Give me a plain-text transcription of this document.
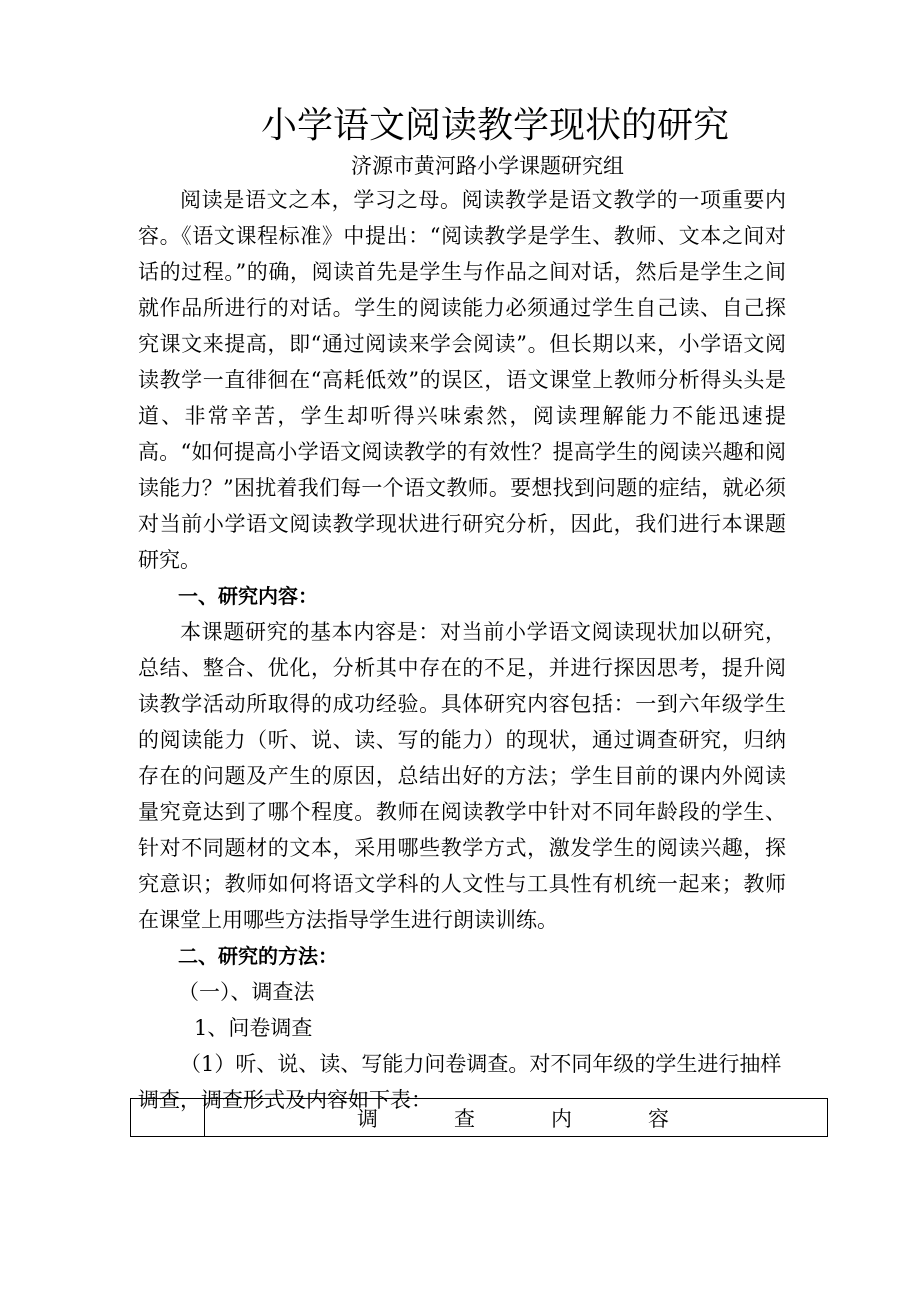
小学语文阅读教学现状的研究
济源市黄河路小学课题研究组

阅读是语文之本，学习之母。阅读教学是语文教学的一项重要内容。《语文课程标准》中提出：“阅读教学是学生、教师、文本之间对话的过程。”的确，阅读首先是学生与作品之间对话，然后是学生之间就作品所进行的对话。学生的阅读能力必须通过学生自己读、自己探究课文来提高，即“通过阅读来学会阅读”。但长期以来，小学语文阅读教学一直徘徊在“高耗低效”的误区，语文课堂上教师分析得头头是道、非常辛苦，学生却听得兴味索然，阅读理解能力不能迅速提高。“如何提高小学语文阅读教学的有效性？提高学生的阅读兴趣和阅读能力？”困扰着我们每一个语文教师。要想找到问题的症结，就必须对当前小学语文阅读教学现状进行研究分析，因此，我们进行本课题研究。

一、研究内容：

本课题研究的基本内容是：对当前小学语文阅读现状加以研究，总结、整合、优化，分析其中存在的不足，并进行探因思考，提升阅读教学活动所取得的成功经验。具体研究内容包括：一到六年级学生的阅读能力（听、说、读、写的能力）的现状，通过调查研究，归纳存在的问题及产生的原因，总结出好的方法；学生目前的课内外阅读量究竟达到了哪个程度。教师在阅读教学中针对不同年龄段的学生、针对不同题材的文本，采用哪些教学方式，激发学生的阅读兴趣，探究意识；教师如何将语文学科的人文性与工具性有机统一起来；教师在课堂上用哪些方法指导学生进行朗读训练。

二、研究的方法：

（一）、调查法

1、问卷调查

（1）听、说、读、写能力问卷调查。对不同年级的学生进行抽样调查，调查形式及内容如下表：

调查内容
